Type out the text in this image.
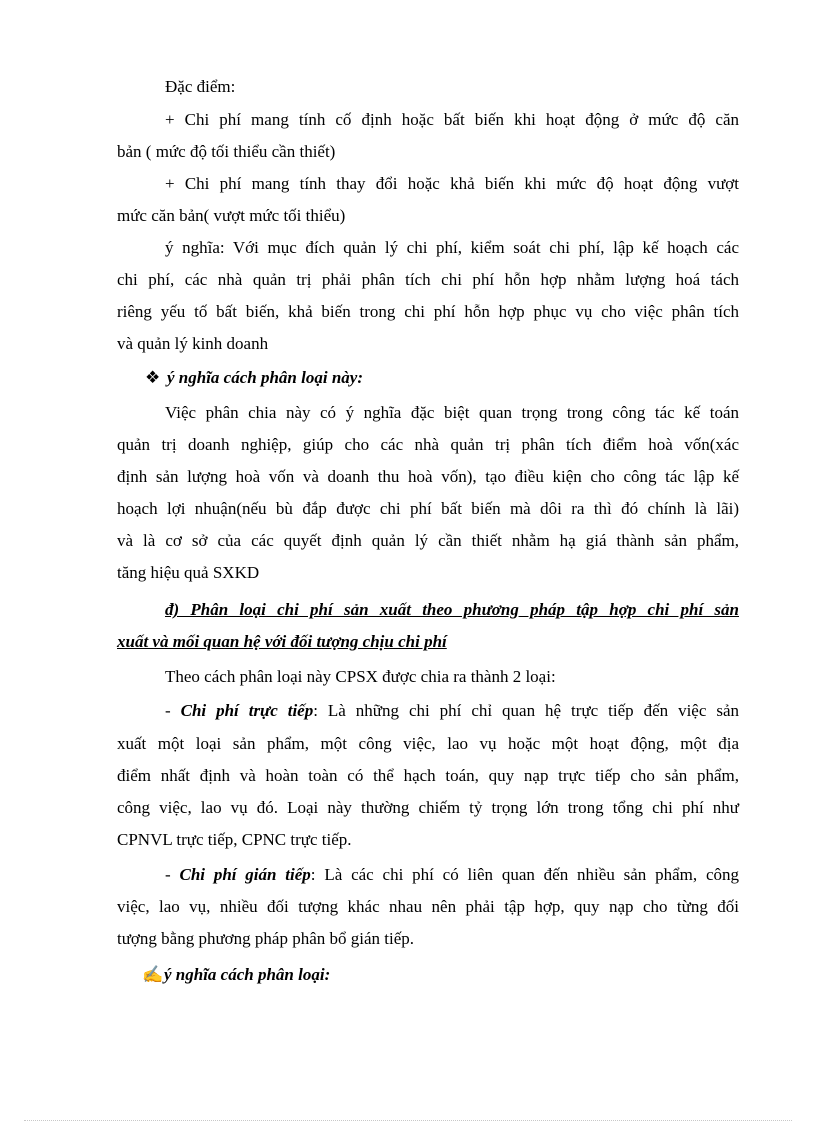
Đặc điểm:
+ Chi phí mang tính cố định hoặc bất biến khi hoạt động ở mức độ căn
bản ( mức độ tối thiểu cần thiết)
+ Chi phí mang tính thay đổi hoặc khả biến khi mức độ hoạt động vượt
mức căn bản( vượt mức tối thiểu)
ý nghĩa: Với mục đích quản lý chi phí, kiểm soát chi phí, lập kế hoạch các
chi phí, các nhà quản trị phải phân tích chi phí hỗn hợp nhằm lượng hoá tách
riêng yếu tố bất biến, khả biến trong chi phí hỗn hợp phục vụ cho việc phân tích
và quản lý kinh doanh
❖ ý nghĩa cách phân loại này:
Việc phân chia này có ý nghĩa đặc biệt quan trọng trong công tác kế toán
quản trị doanh nghiệp, giúp cho các nhà quản trị phân tích điểm hoà vốn(xác
định sản lượng hoà vốn và doanh thu hoà vốn), tạo điều kiện cho công tác lập kế
hoạch lợi nhuận(nếu bù đắp được chi phí bất biến mà dôi ra thì đó chính là lãi)
và là cơ sở của các quyết định quản lý cần thiết nhằm hạ giá thành sản phẩm,
tăng hiệu quả SXKD
đ) Phân loại chi phí sản xuất theo phương pháp tập hợp chi phí sản
xuất và mối quan hệ với đối tượng chịu chi phí
Theo cách phân loại này CPSX được chia ra thành 2 loại:
- Chi phí trực tiếp: Là những chi phí chỉ quan hệ trực tiếp đến việc sản
xuất một loại sản phẩm, một công việc, lao vụ hoặc một hoạt động, một địa
điểm nhất định và hoàn toàn có thể hạch toán, quy nạp trực tiếp cho sản phẩm,
công việc, lao vụ đó. Loại này thường chiếm tỷ trọng lớn trong tổng chi phí như
CPNVL trực tiếp, CPNC trực tiếp.
- Chi phí gián tiếp: Là các chi phí có liên quan đến nhiều sản phẩm, công
việc, lao vụ, nhiều đối tượng khác nhau nên phải tập hợp, quy nạp cho từng đối
tượng bằng phương pháp phân bổ gián tiếp.
✍ý nghĩa cách phân loại:
